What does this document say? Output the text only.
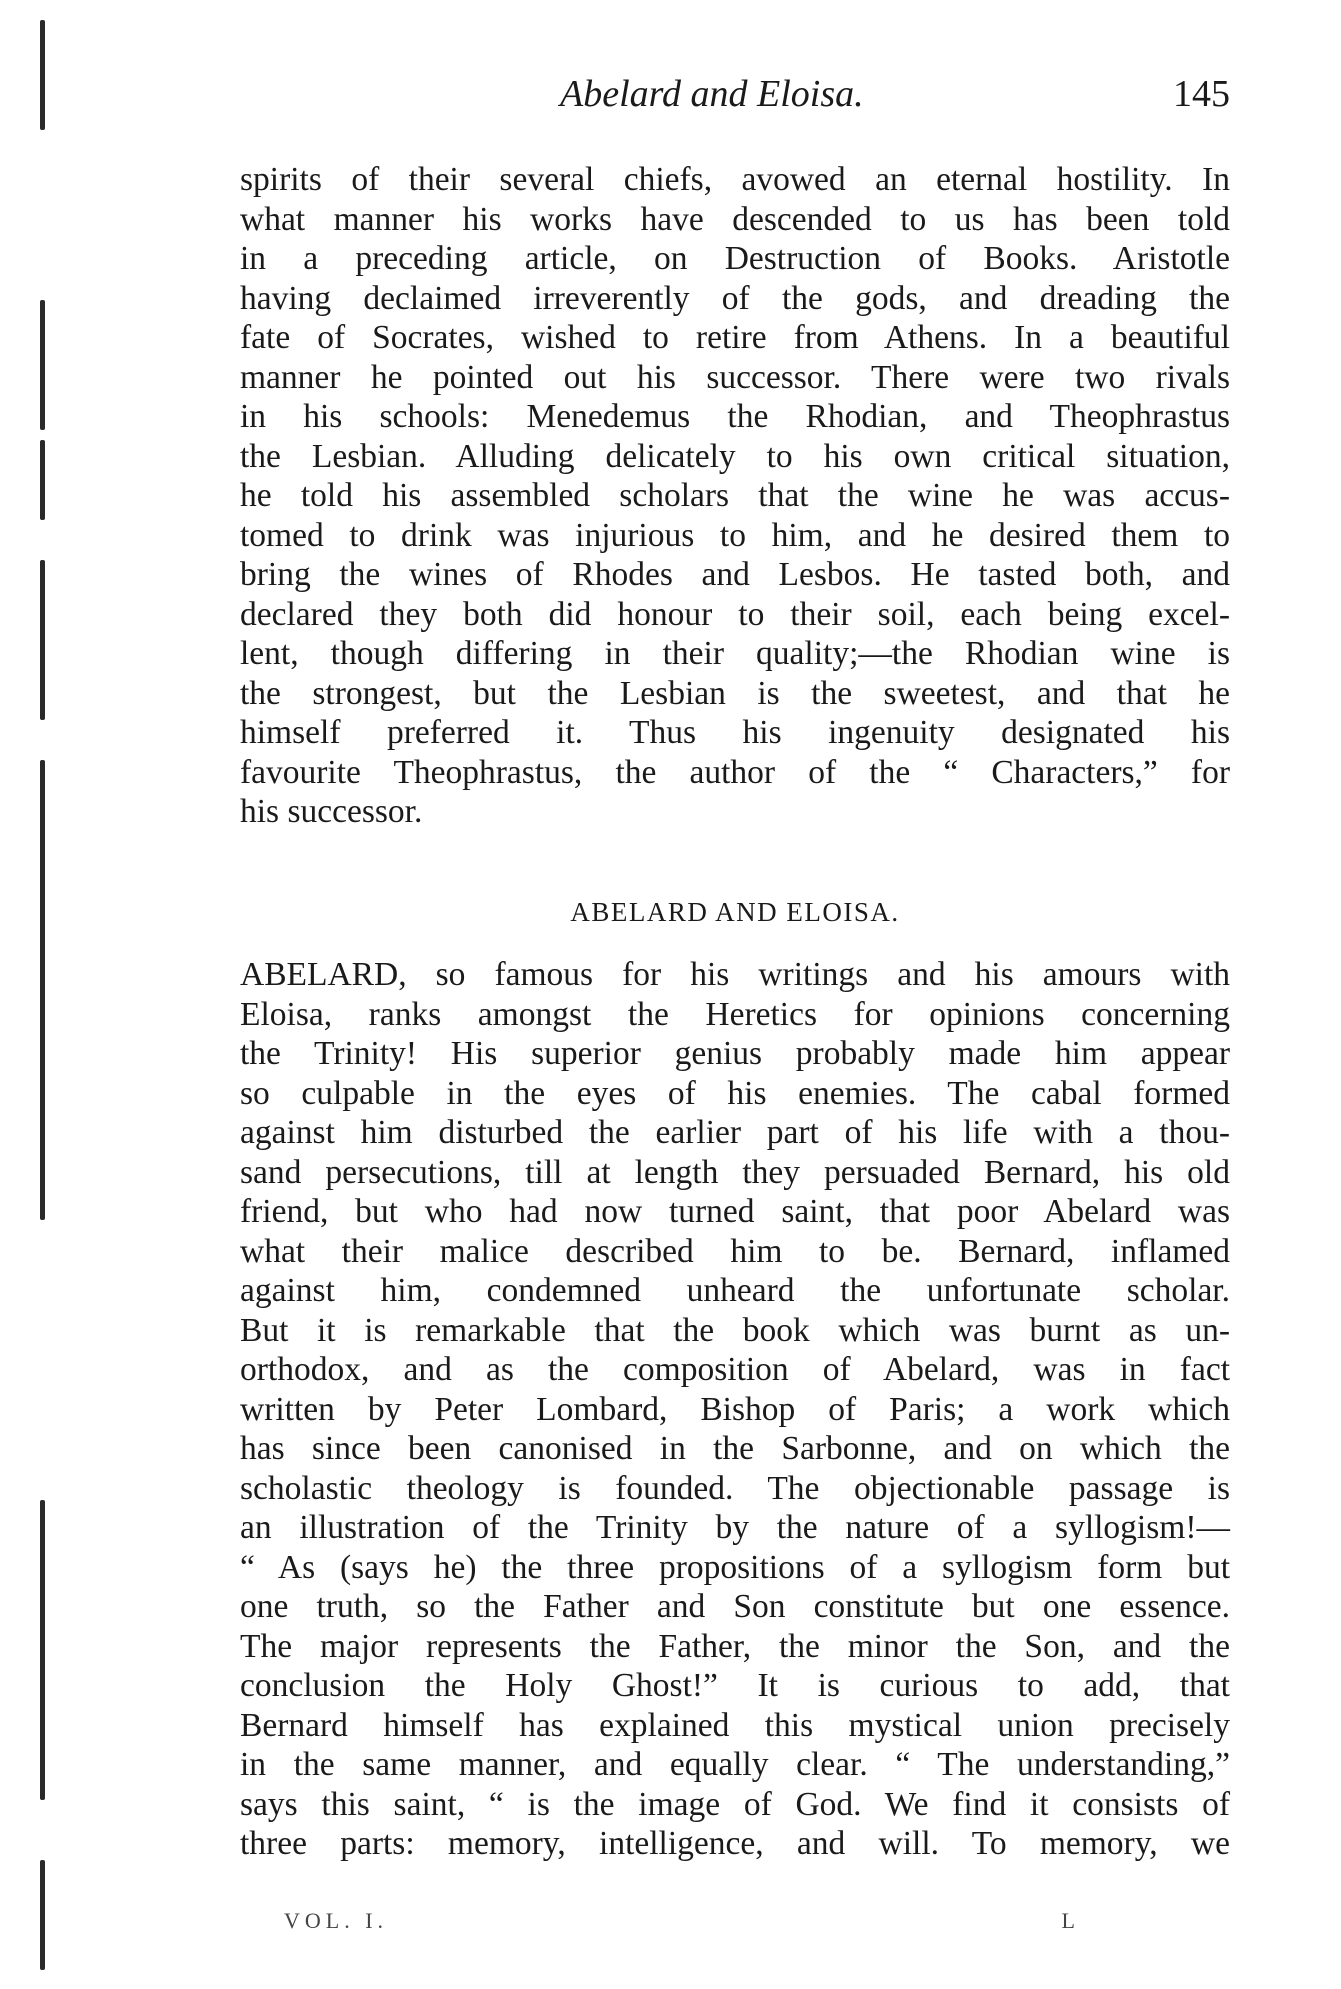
Abelard and Eloisa.	145
spirits of their several chiefs, avowed an eternal hostility. In
what manner his works have descended to us has been told
in a preceding article, on Destruction of Books. Aristotle
having declaimed irreverently of the gods, and dreading the
fate of Socrates, wished to retire from Athens. In a beautiful
manner he pointed out his successor. There were two rivals
in his schools: Menedemus the Rhodian, and Theophrastus
the Lesbian. Alluding delicately to his own critical situation,
he told his assembled scholars that the wine he was accus-
tomed to drink was injurious to him, and he desired them to
bring the wines of Rhodes and Lesbos. He tasted both, and
declared they both did honour to their soil, each being excel-
lent, though differing in their quality;—the Rhodian wine is
the strongest, but the Lesbian is the sweetest, and that he
himself preferred it. Thus his ingenuity designated his
favourite Theophrastus, the author of the “ Characters,” for
his successor.
ABELARD AND ELOISA.
ABELARD, so famous for his writings and his amours with
Eloisa, ranks amongst the Heretics for opinions concerning
the Trinity! His superior genius probably made him appear
so culpable in the eyes of his enemies. The cabal formed
against him disturbed the earlier part of his life with a thou-
sand persecutions, till at length they persuaded Bernard, his old
friend, but who had now turned saint, that poor Abelard was
what their malice described him to be. Bernard, inflamed
against him, condemned unheard the unfortunate scholar.
But it is remarkable that the book which was burnt as un-
orthodox, and as the composition of Abelard, was in fact
written by Peter Lombard, Bishop of Paris; a work which
has since been canonised in the Sarbonne, and on which the
scholastic theology is founded. The objectionable passage is
an illustration of the Trinity by the nature of a syllogism!—
“ As (says he) the three propositions of a syllogism form but
one truth, so the Father and Son constitute but one essence.
The major represents the Father, the minor the Son, and the
conclusion the Holy Ghost!” It is curious to add, that
Bernard himself has explained this mystical union precisely
in the same manner, and equally clear. “ The understanding,”
says this saint, “ is the image of God. We find it consists of
three parts: memory, intelligence, and will. To memory, we
VOL. I.	L
